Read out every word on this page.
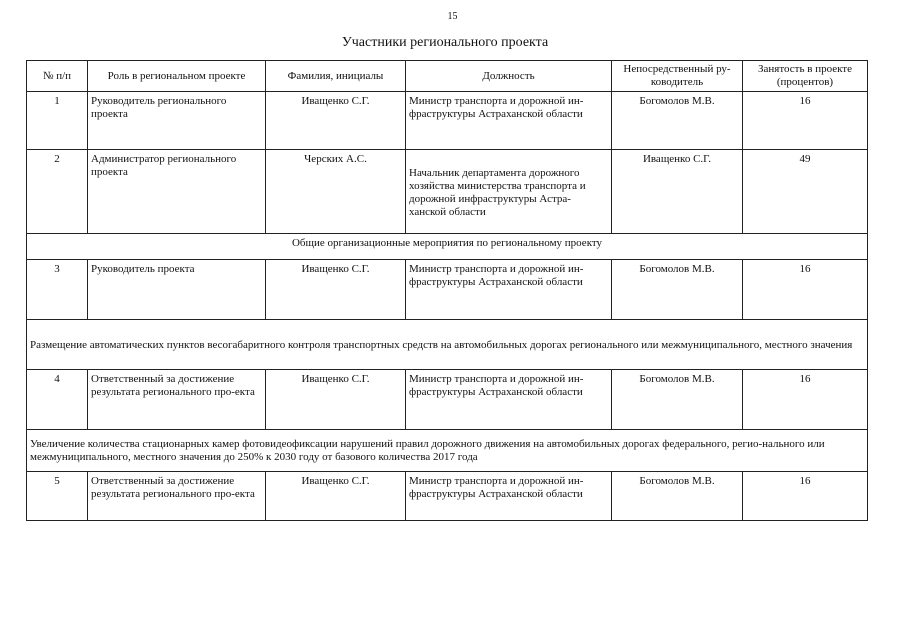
15
Участники регионального проекта
№ п/п	Роль в региональном проекте	Фамилия, инициалы	Должность	Непосредственный ру-ководитель	Занятость в проекте (процентов)
1	Руководитель регионального проекта	Иващенко С.Г.	Министр транспорта и дорожной ин-фраструктуры Астраханской области	Богомолов М.В.	16
2	Администратор регионального проекта	Черских А.С.	Начальник департамента дорожного хозяйства министерства транспорта и дорожной инфраструктуры Астра-ханской области	Иващенко С.Г.	49
Общие организационные мероприятия по региональному проекту					
3	Руководитель проекта	Иващенко С.Г.	Министр транспорта и дорожной ин-фраструктуры Астраханской области	Богомолов М.В.	16
Размещение автоматических пунктов весогабаритного контроля транспортных средств на автомобильных дорогах регионального или межмуниципального, местного значения					
4	Ответственный за достижение результата регионального про-екта	Иващенко С.Г.	Министр транспорта и дорожной ин-фраструктуры Астраханской области	Богомолов М.В.	16
Увеличение количества стационарных камер фотовидеофиксации нарушений правил дорожного движения на автомобильных дорогах федерального, регио-нального или межмуниципального, местного значения до 250% к 2030 году от базового количества 2017 года					
5	Ответственный за достижение результата регионального про-екта	Иващенко С.Г.	Министр транспорта и дорожной ин-фраструктуры Астраханской области	Богомолов М.В.	16
